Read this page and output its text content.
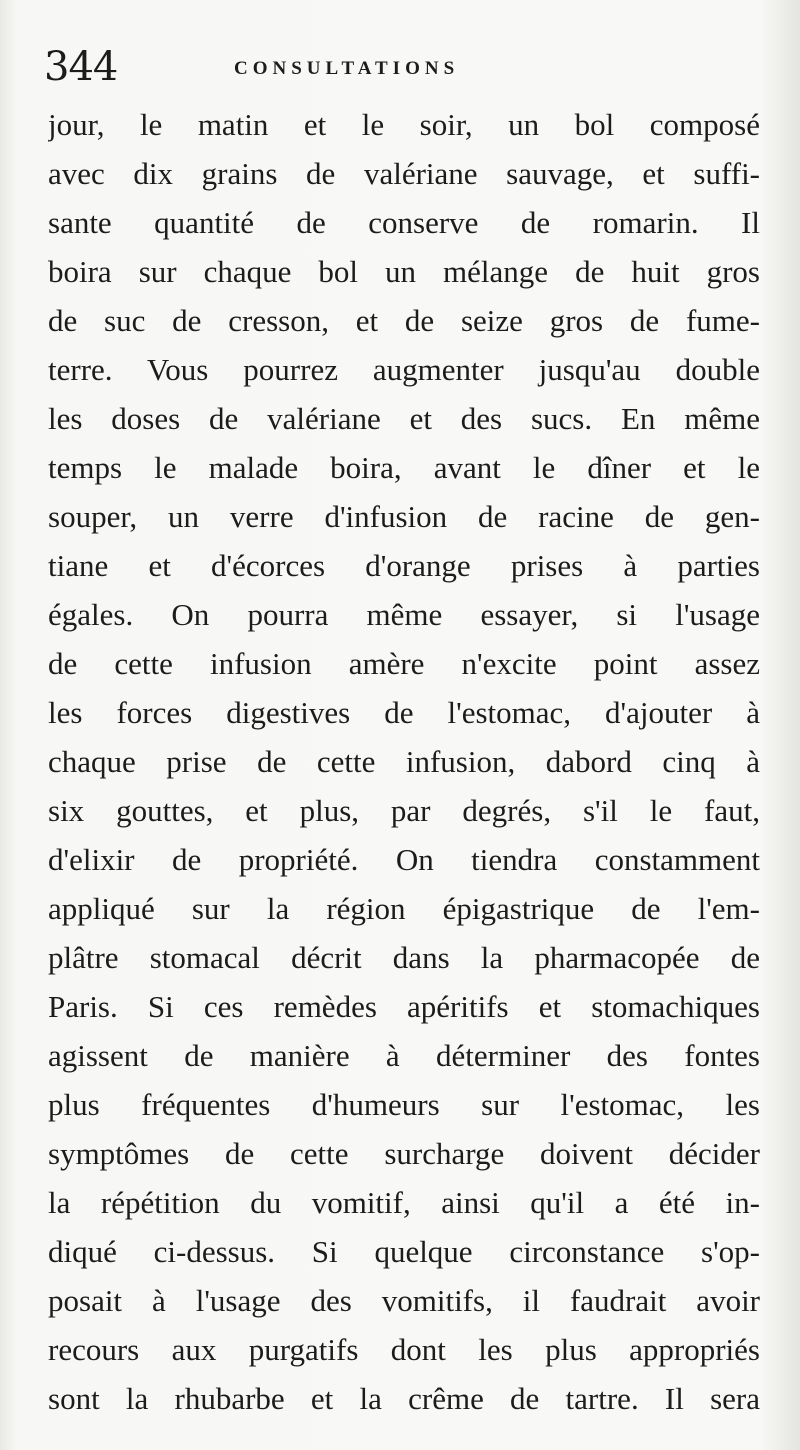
344	CONSULTATIONS
jour, le matin et le soir, un bol composé
avec dix grains de valériane sauvage, et suffi-
sante quantité de conserve de romarin. Il
boira sur chaque bol un mélange de huit gros
de suc de cresson, et de seize gros de fume-
terre. Vous pourrez augmenter jusqu'au double
les doses de valériane et des sucs. En même
temps le malade boira, avant le dîner et le
souper, un verre d'infusion de racine de gen-
tiane et d'écorces d'orange prises à parties
égales. On pourra même essayer, si l'usage
de cette infusion amère n'excite point assez
les forces digestives de l'estomac, d'ajouter à
chaque prise de cette infusion, dabord cinq à
six gouttes, et plus, par degrés, s'il le faut,
d'elixir de propriété. On tiendra constamment
appliqué sur la région épigastrique de l'em-
plâtre stomacal décrit dans la pharmacopée de
Paris. Si ces remèdes apéritifs et stomachiques
agissent de manière à déterminer des fontes
plus fréquentes d'humeurs sur l'estomac, les
symptômes de cette surcharge doivent décider
la répétition du vomitif, ainsi qu'il a été in-
diqué ci-dessus. Si quelque circonstance s'op-
posait à l'usage des vomitifs, il faudrait avoir
recours aux purgatifs dont les plus appropriés
sont la rhubarbe et la crême de tartre. Il sera
